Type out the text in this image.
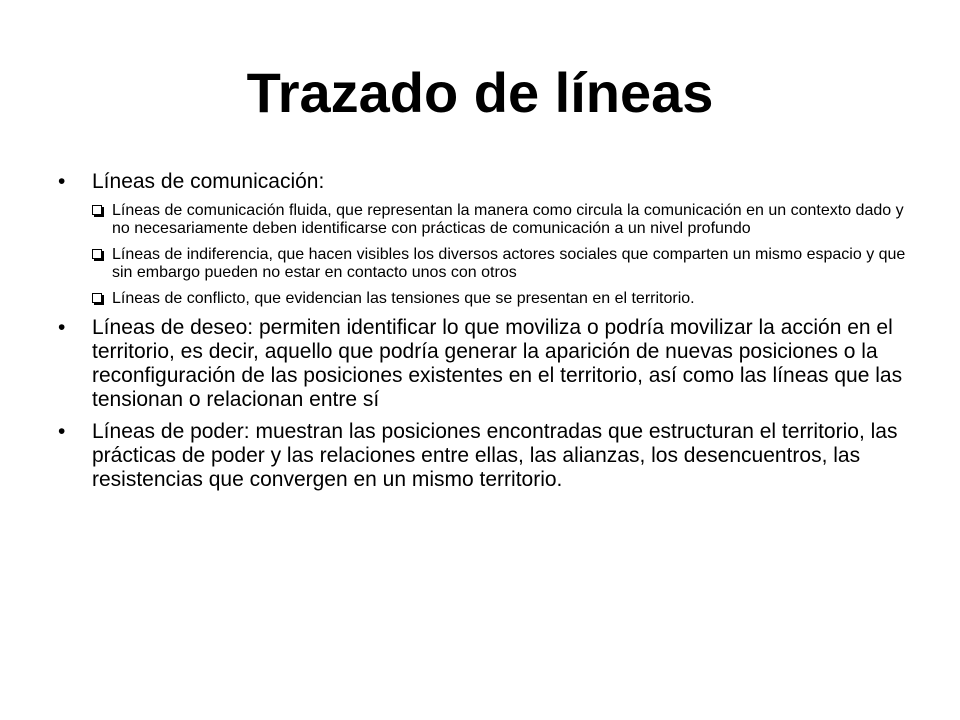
Trazado de líneas
• Líneas de comunicación:
Líneas de comunicación fluida, que representan la manera como circula la comunicación en un contexto dado y no necesariamente deben identificarse con prácticas de comunicación a un nivel profundo
Líneas de indiferencia, que hacen visibles los diversos actores sociales que comparten un mismo espacio y que sin embargo pueden no estar en contacto unos con otros
Líneas de conflicto, que evidencian las tensiones que se presentan en el territorio.
• Líneas de deseo: permiten identificar lo que moviliza o podría movilizar la acción en el territorio, es decir, aquello que podría generar la aparición de nuevas posiciones o la reconfiguración de las posiciones existentes en el territorio, así como las líneas que las tensionan o relacionan entre sí
• Líneas de poder: muestran las posiciones encontradas que estructuran el territorio, las prácticas de poder y las relaciones entre ellas, las alianzas, los desencuentros, las resistencias que convergen en un mismo territorio.
